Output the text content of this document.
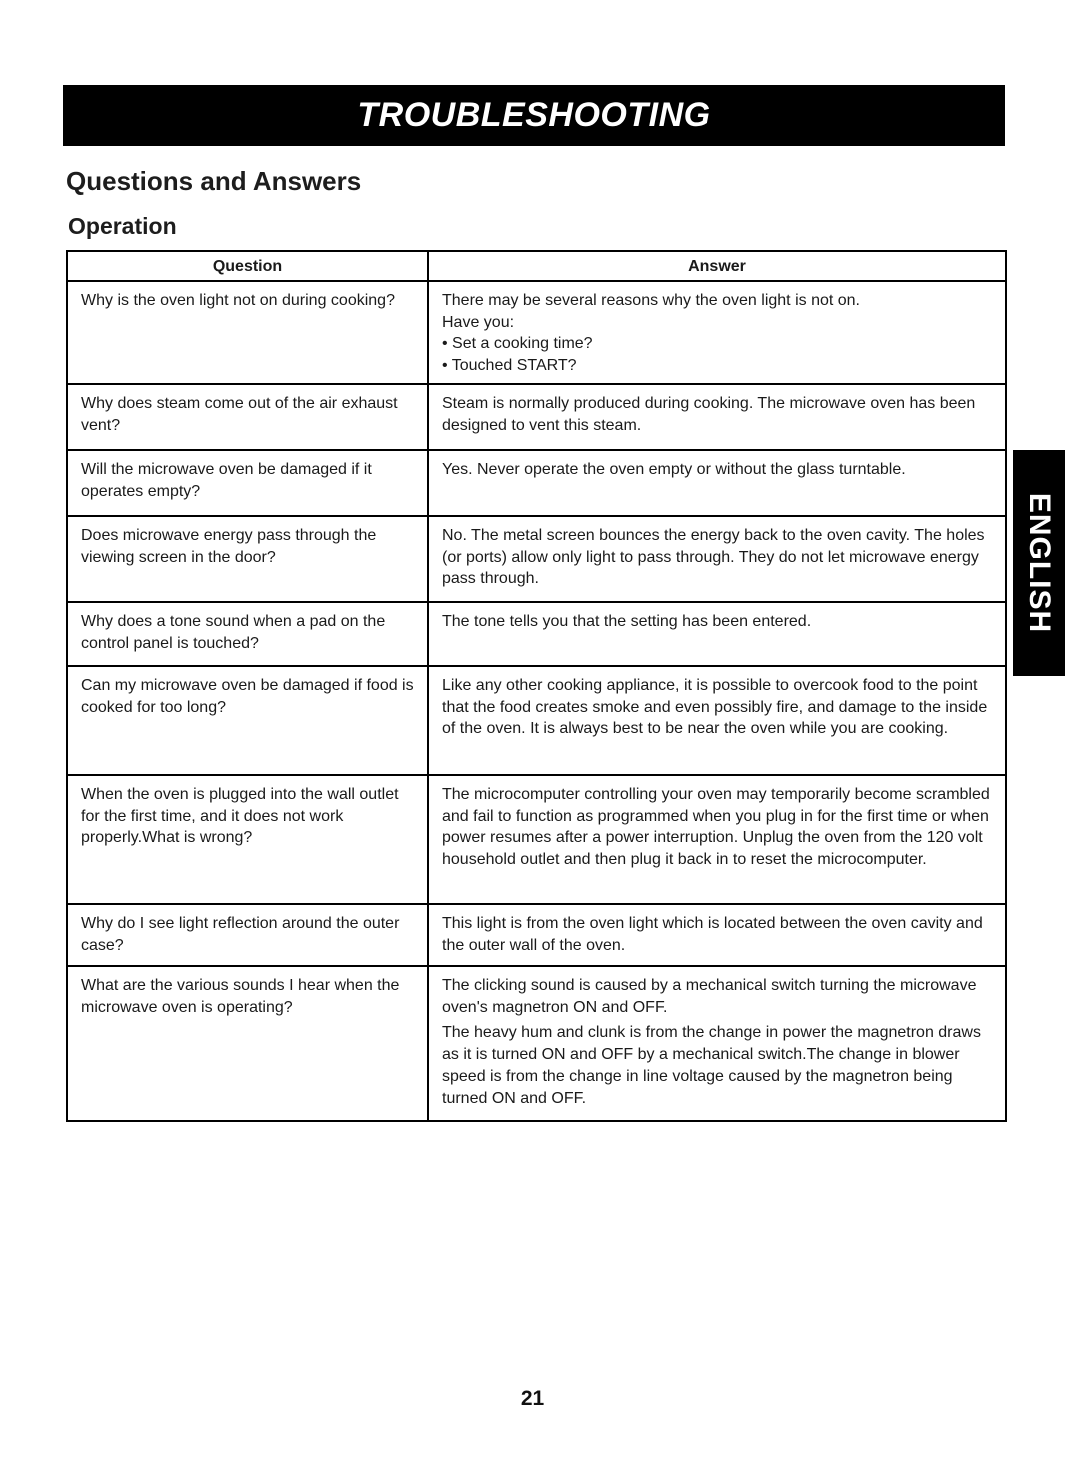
TROUBLESHOOTING
Questions and Answers
Operation
Question	Answer
Why is the oven light not on during cooking?	There may be several reasons why the oven light is not on.
Have you:
• Set a cooking time?
• Touched START?

Why does steam come out of the air exhaust vent?	Steam is normally produced during cooking. The microwave oven has been designed to vent this steam.

Will the microwave oven be damaged if it operates empty?	Yes. Never operate the oven empty or without the glass turntable.

Does microwave energy pass through the viewing screen in the door?	No. The metal screen bounces the energy back to the oven cavity. The holes (or ports) allow only light to pass through. They do not let microwave energy pass through.

Why does a tone sound when a pad on the control panel is touched?	The tone tells you that the setting has been entered.

Can my microwave oven be damaged if food is cooked for too long?	Like any other cooking appliance, it is possible to overcook food to the point that the food creates smoke and even possibly fire, and damage to the inside of the oven. It is always best to be near the oven while you are cooking.

When the oven is plugged into the wall outlet for the first time, and it does not work properly.What is wrong?	The microcomputer controlling your oven may temporarily become scrambled and fail to function as programmed when you plug in for the first time or when power resumes after a power interruption. Unplug the oven from the 120 volt household outlet and then plug it back in to reset the microcomputer.

Why do I see light reflection around the outer case?	This light is from the oven light which is located between the oven cavity and the outer wall of the oven.

What are the various sounds I hear when the microwave oven is operating?	The clicking sound is caused by a mechanical switch turning the microwave oven's magnetron ON and OFF.
The heavy hum and clunk is from the change in power the magnetron draws as it is turned ON and OFF by a mechanical switch.The change in blower speed is from the change in line voltage caused by the magnetron being turned ON and OFF.
ENGLISH
21
